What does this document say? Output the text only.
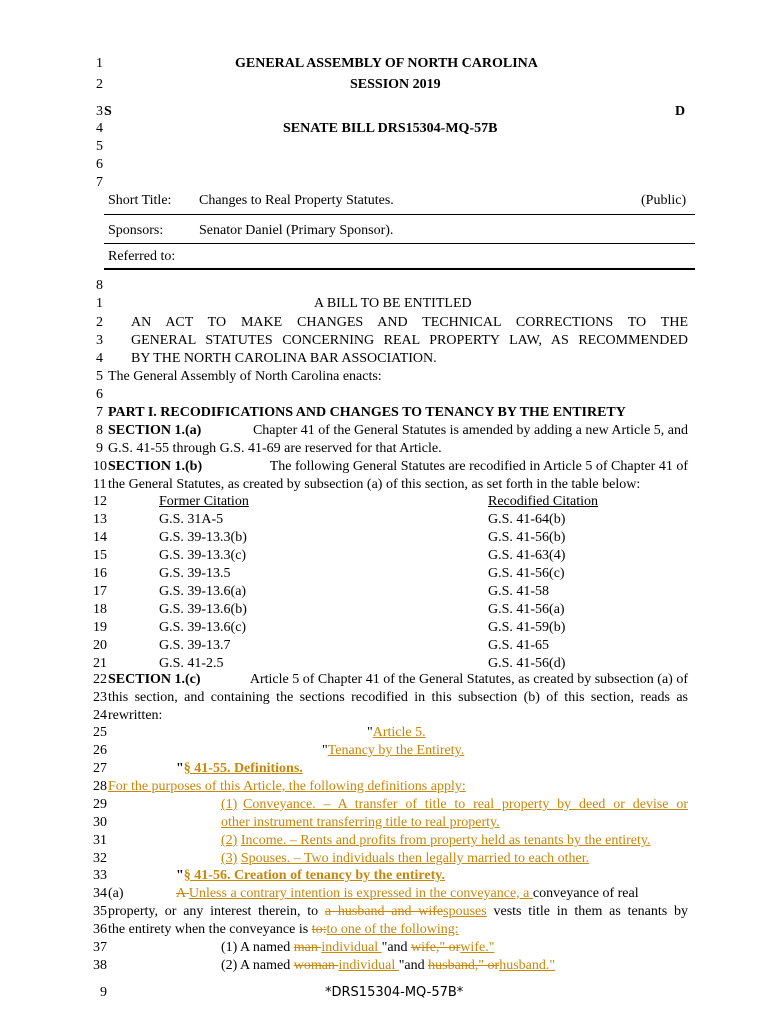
1	GENERAL ASSEMBLY OF NORTH CAROLINA
2	SESSION 2019
3 S	D
4	SENATE BILL DRS15304-MQ-57B
5
6
7
Short Title: Changes to Real Property Statutes.	(Public)
Sponsors:	Senator Daniel (Primary Sponsor).
Referred to:
8
1	A BILL TO BE ENTITLED
2 AN ACT TO MAKE CHANGES AND TECHNICAL CORRECTIONS TO THE
3 GENERAL STATUTES CONCERNING REAL PROPERTY LAW, AS RECOMMENDED
4 BY THE NORTH CAROLINA BAR ASSOCIATION.
5 The General Assembly of North Carolina enacts:
6
7 PART I. RECODIFICATIONS AND CHANGES TO TENANCY BY THE ENTIRETY
8 SECTION 1.(a)	Chapter 41 of the General Statutes is amended by adding a new Article 5, and
9 G.S. 41-55 through G.S. 41-69 are reserved for that Article.
10 SECTION 1.(b)	The following General Statutes are recodified in Article 5 of Chapter 41 of
11 the General Statutes, as created by subsection (a) of this section, as set forth in the table below:
12	Former Citation	Recodified Citation
13	G.S. 31A-5	G.S. 41-64(b)
14	G.S. 39-13.3(b)	G.S. 41-56(b)
15	G.S. 39-13.3(c)	G.S. 41-63(4)
16	G.S. 39-13.5	G.S. 41-56(c)
17	G.S. 39-13.6(a)	G.S. 41-58
18	G.S. 39-13.6(b)	G.S. 41-56(a)
19	G.S. 39-13.6(c)	G.S. 41-59(b)
20	G.S. 39-13.7	G.S. 41-65
21	G.S. 41-2.5	G.S. 41-56(d)
22 SECTION 1.(c)	Article 5 of Chapter 41 of the General Statutes, as created by subsection (a) of
23 this section, and containing the sections recodified in this subsection (b) of this section, reads as
24 rewritten:
25	"Article 5.
26	"Tenancy by the Entirety.
27	"§ 41-55. Definitions.
28 For the purposes of this Article, the following definitions apply:
29	(1) Conveyance. – A transfer of title to real property by deed or devise or
30	other instrument transferring title to real property.
31	(2) Income. – Rents and profits from property held as tenants by the entirety.
32	(3) Spouses. – Two individuals then legally married to each other.
33	"§ 41-56. Creation of tenancy by the entirety.
34 (a)	A Unless a contrary intention is expressed in the conveyance, a conveyance of real
35 property, or any interest therein, to a husband and wifespouses vests title in them as tenants by
36 the entirety when the conveyance is to:to one of the following:
37	(1) A named man individual "and wife," orwife."
38	(2) A named woman individual "and husband," orhusband."
9	*DRS15304-MQ-57B*
